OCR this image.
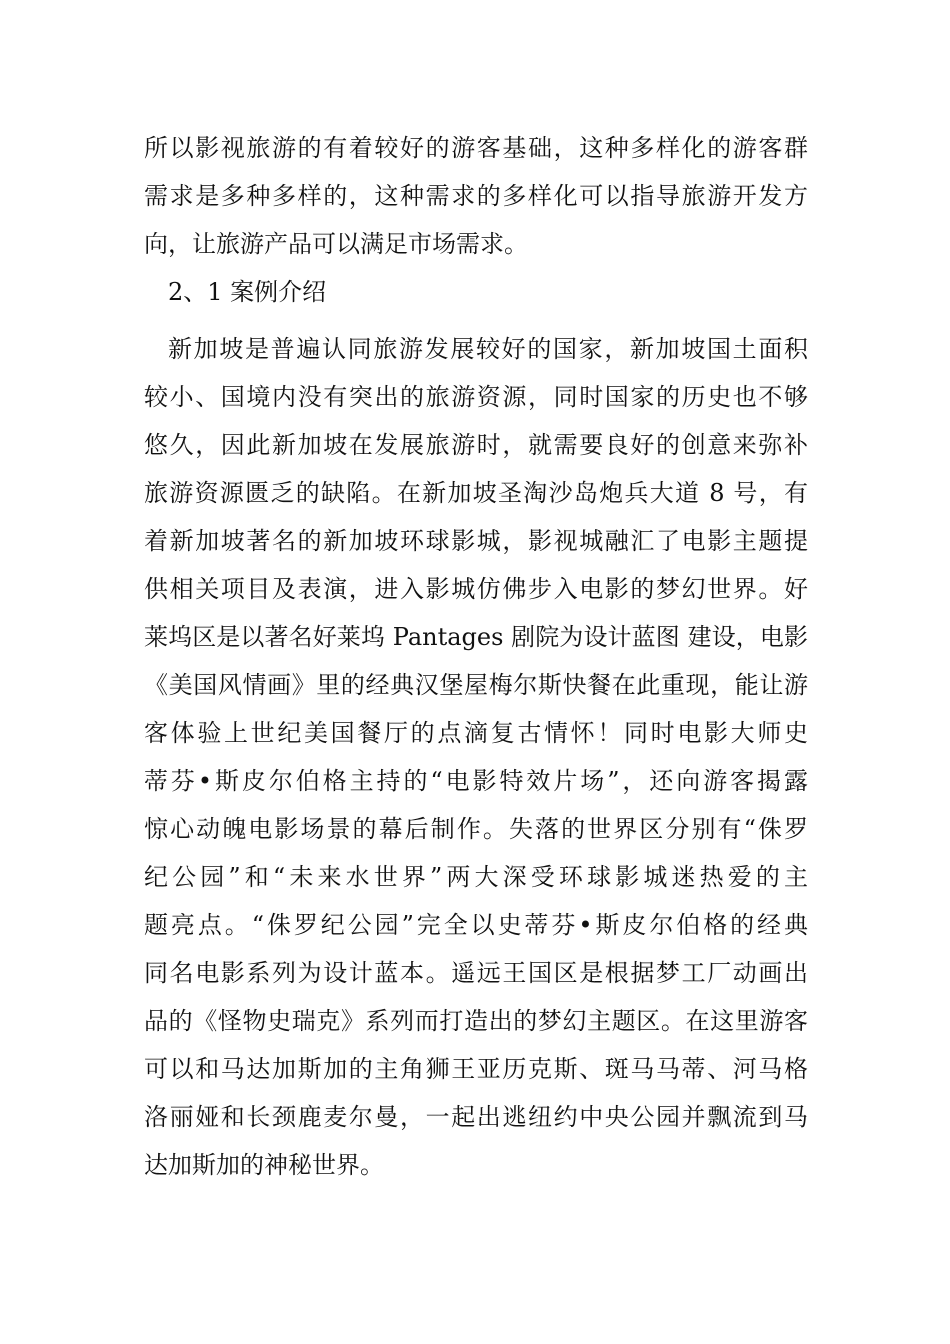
所以影视旅游的有着较好的游客基础，这种多样化的游客群
需求是多种多样的，这种需求的多样化可以指导旅游开发方
向，让旅游产品可以满足市场需求。
2、1 案例介绍
新加坡是普遍认同旅游发展较好的国家，新加坡国土面积
较小、国境内没有突出的旅游资源，同时国家的历史也不够
悠久，因此新加坡在发展旅游时，就需要良好的创意来弥补
旅游资源匮乏的缺陷。在新加坡圣淘沙岛炮兵大道 8 号，有
着新加坡著名的新加坡环球影城，影视城融汇了电影主题提
供相关项目及表演，进入影城仿佛步入电影的梦幻世界。好
莱坞区是以著名好莱坞 Pantages 剧院为设计蓝图 建设，电影
《美国风情画》里的经典汉堡屋梅尔斯快餐在此重现，能让游
客体验上世纪美国餐厅的点滴复古情怀！同时电影大师史
蒂芬•斯皮尔伯格主持的“电影特效片场”，还向游客揭露
惊心动魄电影场景的幕后制作。失落的世界区分别有“侏罗
纪公园”和“未来水世界”两大深受环球影城迷热爱的主
题亮点。“侏罗纪公园”完全以史蒂芬•斯皮尔伯格的经典
同名电影系列为设计蓝本。遥远王国区是根据梦工厂动画出
品的《怪物史瑞克》系列而打造出的梦幻主题区。在这里游客
可以和马达加斯加的主角狮王亚历克斯、斑马马蒂、河马格
洛丽娅和长颈鹿麦尔曼，一起出逃纽约中央公园并飘流到马
达加斯加的神秘世界。
